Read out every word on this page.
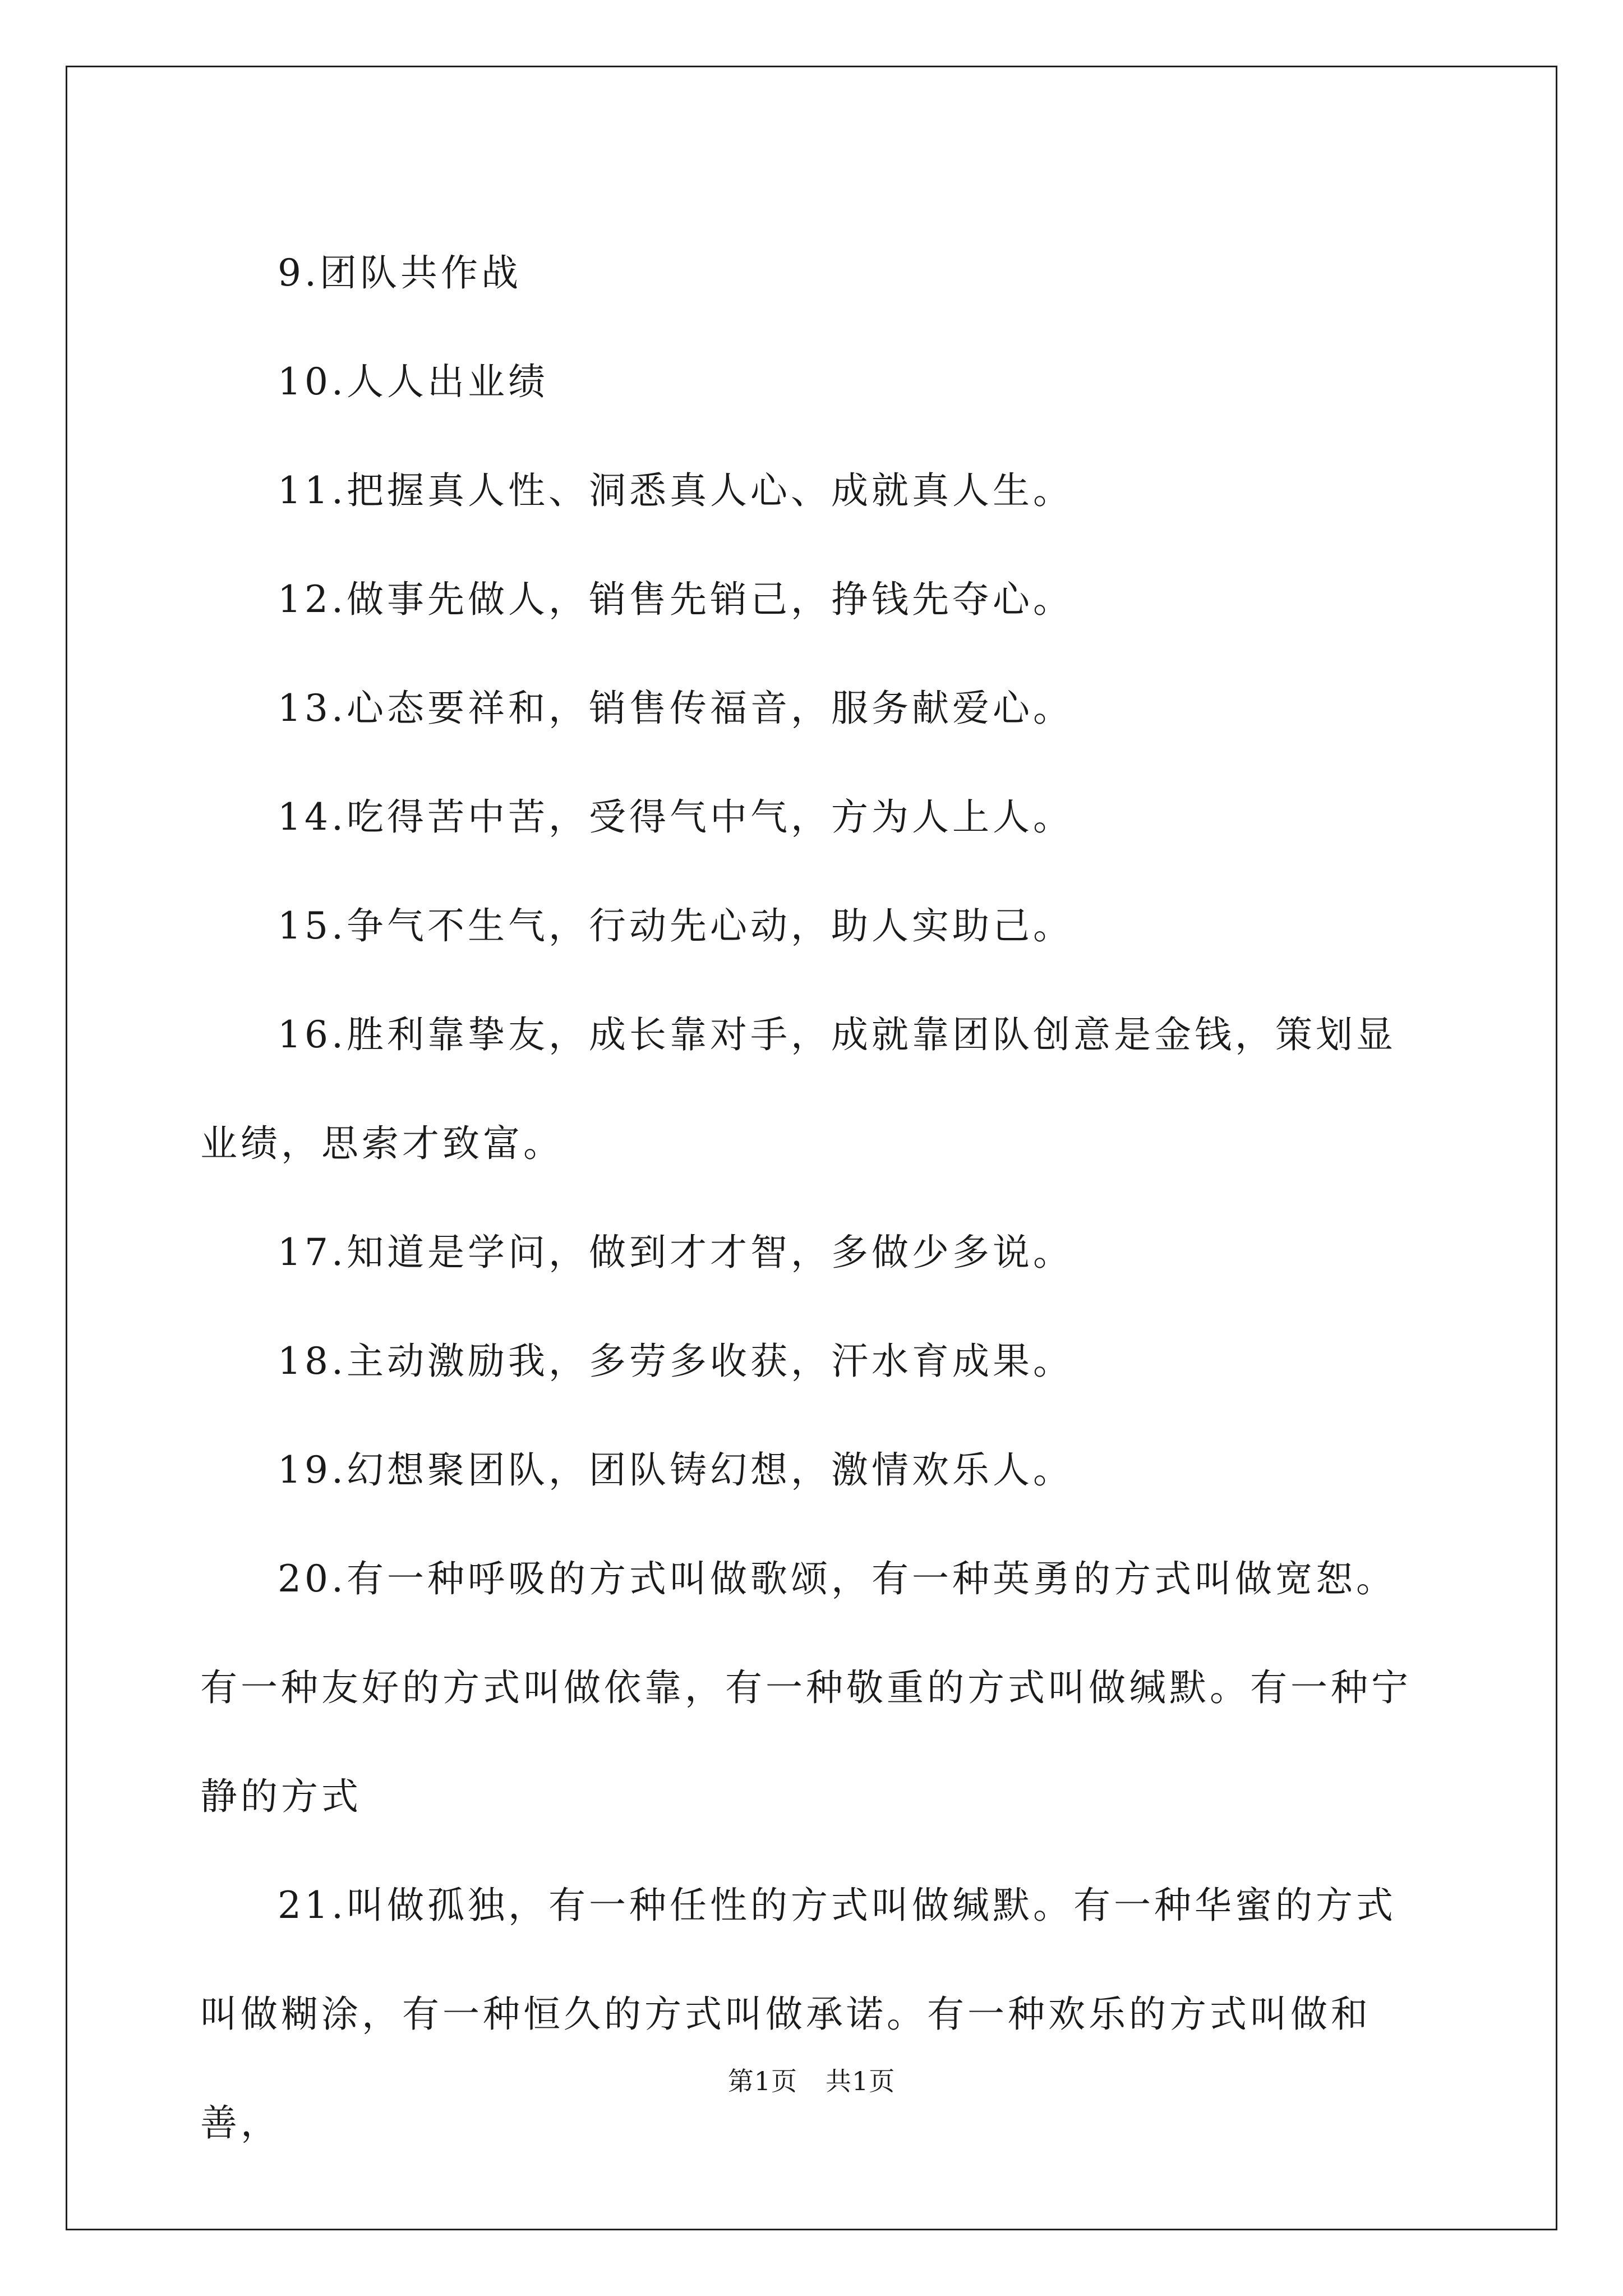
9.团队共作战

10.人人出业绩

11.把握真人性、洞悉真人心、成就真人生。

12.做事先做人，销售先销己，挣钱先夺心。

13.心态要祥和，销售传福音，服务献爱心。

14.吃得苦中苦，受得气中气，方为人上人。

15.争气不生气，行动先心动，助人实助己。

16.胜利靠挚友，成长靠对手，成就靠团队创意是金钱，策划显业绩，思索才致富。

17.知道是学问，做到才才智，多做少多说。

18.主动激励我，多劳多收获，汗水育成果。

19.幻想聚团队，团队铸幻想，激情欢乐人。

20.有一种呼吸的方式叫做歌颂，有一种英勇的方式叫做宽恕。有一种友好的方式叫做依靠，有一种敬重的方式叫做缄默。有一种宁静的方式

21.叫做孤独，有一种任性的方式叫做缄默。有一种华蜜的方式叫做糊涂，有一种恒久的方式叫做承诺。有一种欢乐的方式叫做和善，

第1页 共1页
